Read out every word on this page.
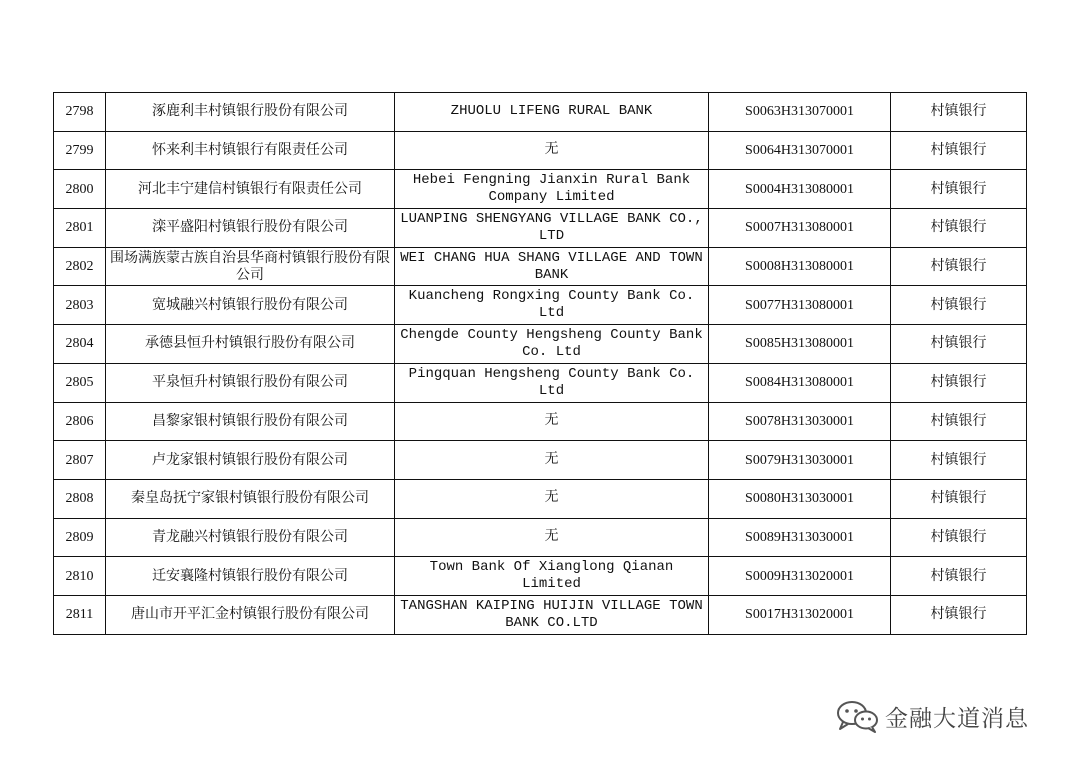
2798	涿鹿利丰村镇银行股份有限公司	ZHUOLU LIFENG RURAL BANK	S0063H313070001	村镇银行
2799	怀来利丰村镇银行有限责任公司	无	S0064H313070001	村镇银行
2800	河北丰宁建信村镇银行有限责任公司	Hebei Fengning Jianxin Rural Bank Company Limited	S0004H313080001	村镇银行
2801	滦平盛阳村镇银行股份有限公司	LUANPING SHENGYANG VILLAGE BANK CO., LTD	S0007H313080001	村镇银行
2802	围场满族蒙古族自治县华商村镇银行股份有限公司	WEI CHANG HUA SHANG VILLAGE AND TOWN BANK	S0008H313080001	村镇银行
2803	宽城融兴村镇银行股份有限公司	Kuancheng Rongxing County Bank Co. Ltd	S0077H313080001	村镇银行
2804	承德县恒升村镇银行股份有限公司	Chengde County Hengsheng County Bank Co. Ltd	S0085H313080001	村镇银行
2805	平泉恒升村镇银行股份有限公司	Pingquan Hengsheng County Bank Co. Ltd	S0084H313080001	村镇银行
2806	昌黎家银村镇银行股份有限公司	无	S0078H313030001	村镇银行
2807	卢龙家银村镇银行股份有限公司	无	S0079H313030001	村镇银行
2808	秦皇岛抚宁家银村镇银行股份有限公司	无	S0080H313030001	村镇银行
2809	青龙融兴村镇银行股份有限公司	无	S0089H313030001	村镇银行
2810	迁安襄隆村镇银行股份有限公司	Town Bank Of Xianglong Qianan Limited	S0009H313020001	村镇银行
2811	唐山市开平汇金村镇银行股份有限公司	TANGSHAN KAIPING HUIJIN VILLAGE TOWN BANK CO.LTD	S0017H313020001	村镇银行
金融大道消息
